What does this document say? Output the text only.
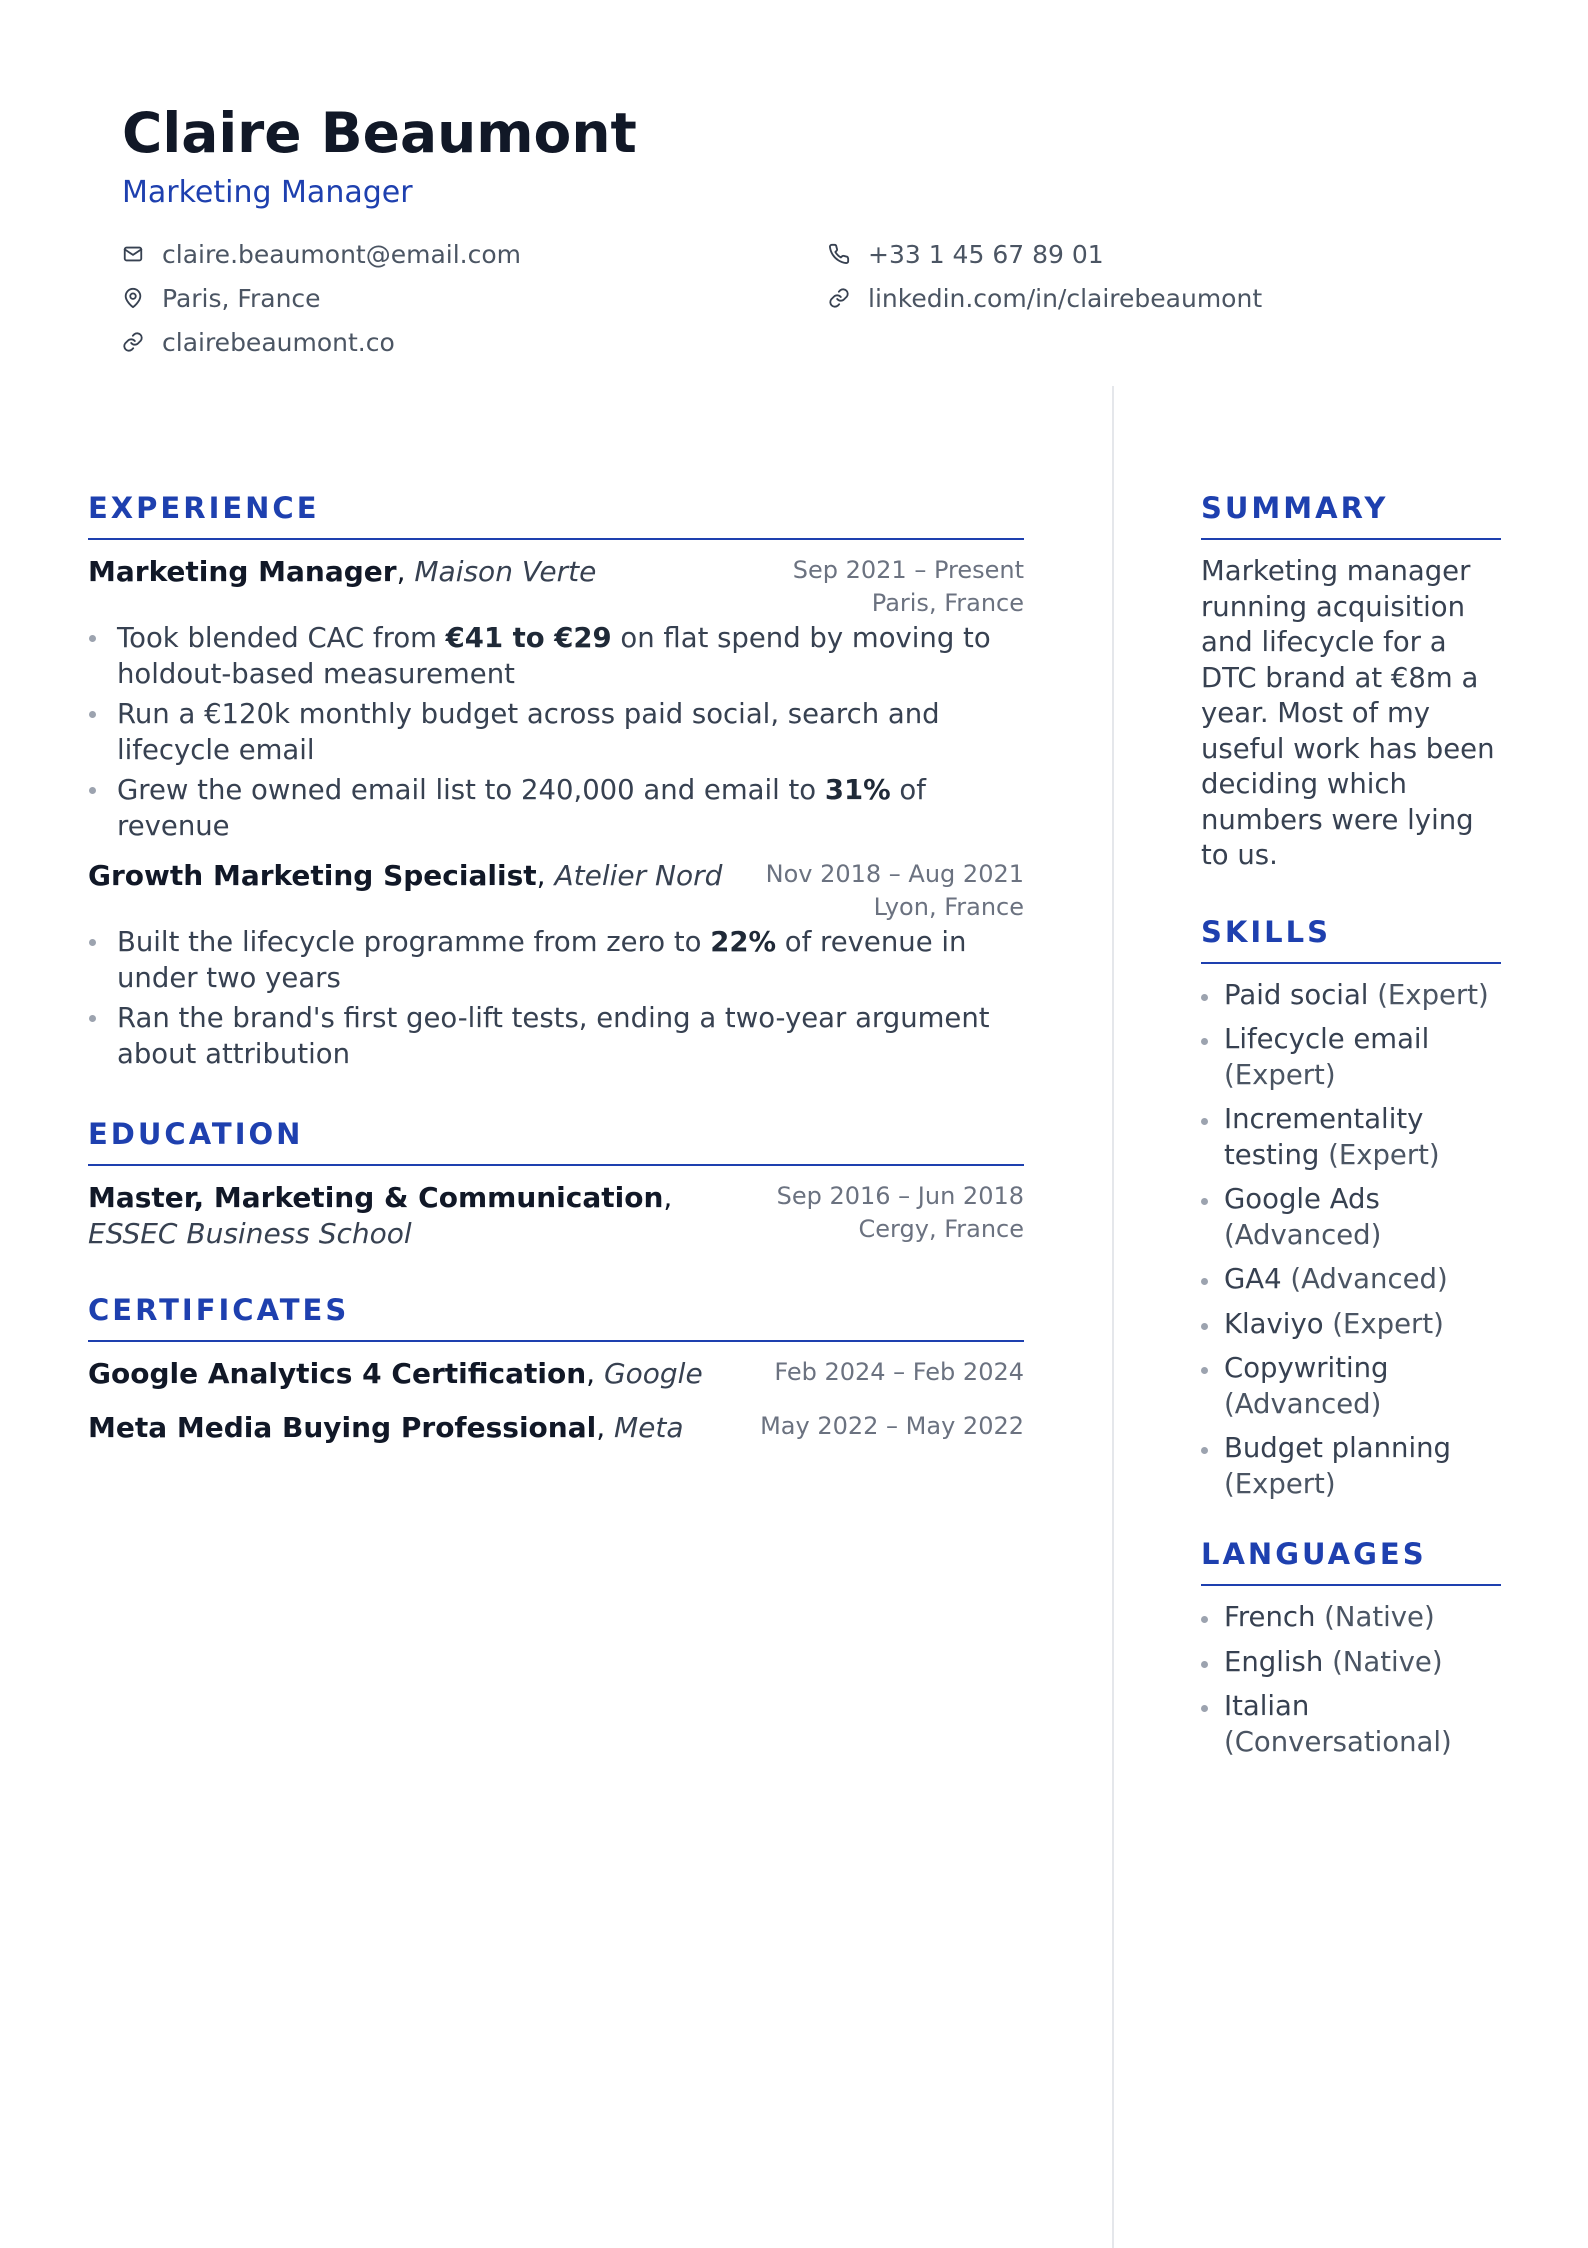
Claire Beaumont
Marketing Manager
claire.beaumont@email.com	+33 1 45 67 89 01
Paris, France	linkedin.com/in/clairebeaumont
clairebeaumont.co
EXPERIENCE
Marketing Manager, Maison Verte	Sep 2021 – Present
Paris, France
Took blended CAC from €41 to €29 on flat spend by moving to holdout-based measurement
Run a €120k monthly budget across paid social, search and lifecycle email
Grew the owned email list to 240,000 and email to 31% of revenue
Growth Marketing Specialist, Atelier Nord Nov 2018 – Aug 2021
Lyon, France
Built the lifecycle programme from zero to 22% of revenue in under two years
Ran the brand's first geo-lift tests, ending a two-year argument about attribution
EDUCATION
Master, Marketing & Communication,
ESSEC Business School
Sep 2016 – Jun 2018
Cergy, France
CERTIFICATES
Google Analytics 4 Certification, Google	Feb 2024 – Feb 2024
Meta Media Buying Professional, Meta	May 2022 – May 2022
SUMMARY

Marketing manager running acquisition and lifecycle for a DTC brand at €8m a year. Most of my useful work has been deciding which numbers were lying to us.

SKILLS
Paid social (Expert)
Lifecycle email (Expert)
Incrementality testing (Expert)
Google Ads (Advanced)
GA4 (Advanced)
Klaviyo (Expert)
Copywriting (Advanced)
Budget planning (Expert)
LANGUAGES
French (Native)
English (Native)
Italian (Conversational)
